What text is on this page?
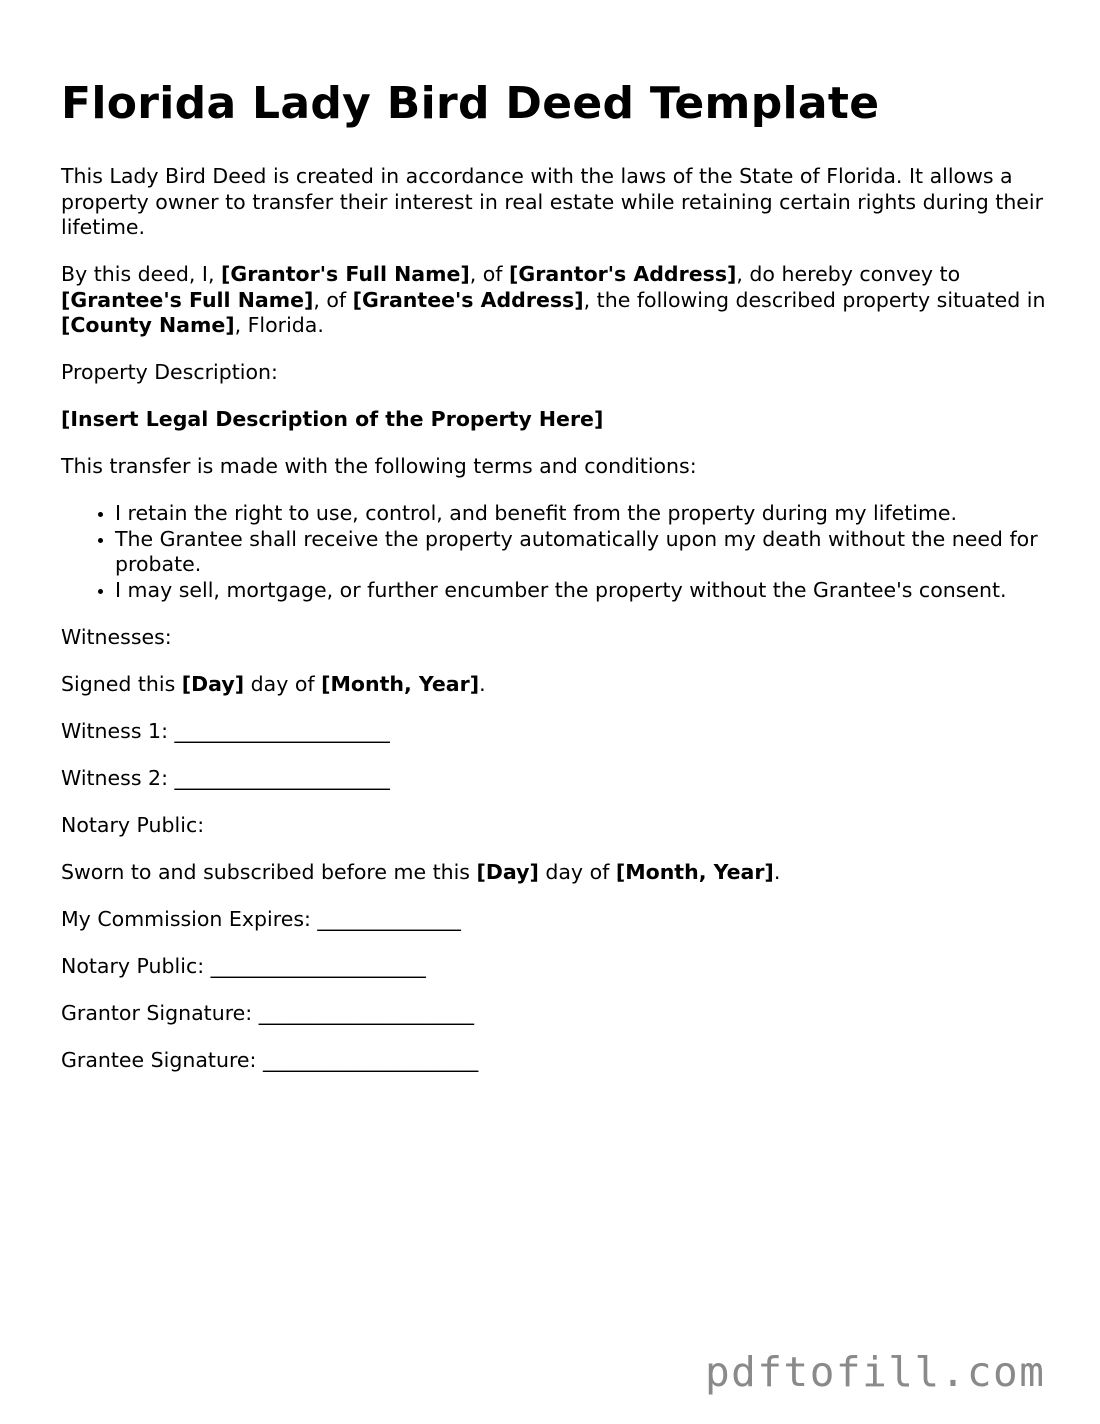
Florida Lady Bird Deed Template

This Lady Bird Deed is created in accordance with the laws of the State of Florida. It allows a property owner to transfer their interest in real estate while retaining certain rights during their lifetime.

By this deed, I, [Grantor's Full Name], of [Grantor's Address], do hereby convey to [Grantee's Full Name], of [Grantee's Address], the following described property situated in [County Name], Florida.

Property Description:

[Insert Legal Description of the Property Here]

This transfer is made with the following terms and conditions:

• I retain the right to use, control, and benefit from the property during my lifetime.
• The Grantee shall receive the property automatically upon my death without the need for probate.
• I may sell, mortgage, or further encumber the property without the Grantee's consent.

Witnesses:

Signed this [Day] day of [Month, Year].

Witness 1: _____________________

Witness 2: _____________________

Notary Public:

Sworn to and subscribed before me this [Day] day of [Month, Year].

My Commission Expires: ______________

Notary Public: _____________________

Grantor Signature: _____________________

Grantee Signature: _____________________

pdftofill.com
